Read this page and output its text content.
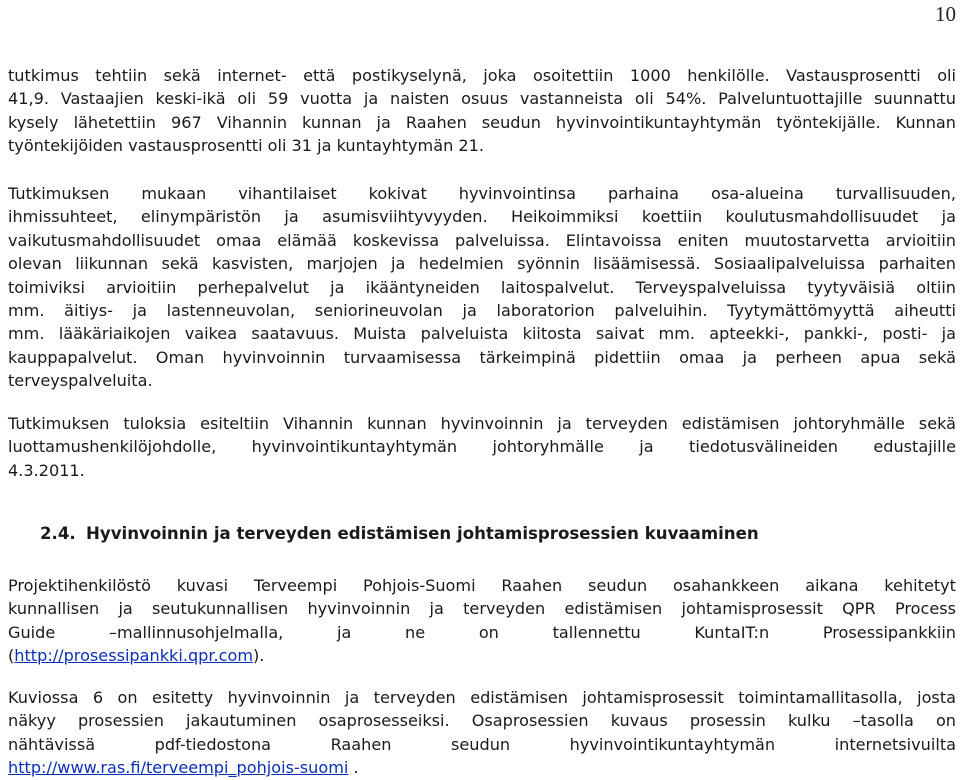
10
tutkimus tehtiin sekä internet- että postikyselynä, joka osoitettiin 1000 henkilölle. Vastausprosentti oli
41,9. Vastaajien keski-ikä oli 59 vuotta ja naisten osuus vastanneista oli 54%. Palveluntuottajille suunnattu
kysely lähetettiin 967 Vihannin kunnan ja Raahen seudun hyvinvointikuntayhtymän työntekijälle. Kunnan
työntekijöiden vastausprosentti oli 31 ja kuntayhtymän 21.
Tutkimuksen mukaan vihantilaiset kokivat hyvinvointinsa parhaina osa-alueina turvallisuuden,
ihmissuhteet, elinympäristön ja asumisviihtyvyyden. Heikoimmiksi koettiin koulutusmahdollisuudet ja
vaikutusmahdollisuudet omaa elämää koskevissa palveluissa. Elintavoissa eniten muutostarvetta arvioitiin
olevan liikunnan sekä kasvisten, marjojen ja hedelmien syönnin lisäämisessä. Sosiaalipalveluissa parhaiten
toimiviksi arvioitiin perhepalvelut ja ikääntyneiden laitospalvelut. Terveyspalveluissa tyytyväisiä oltiin
mm. äitiys- ja lastenneuvolan, seniorineuvolan ja laboratorion palveluihin. Tyytymättömyyttä aiheutti
mm. lääkäriaikojen vaikea saatavuus. Muista palveluista kiitosta saivat mm. apteekki-, pankki-, posti- ja
kauppapalvelut. Oman hyvinvoinnin turvaamisessa tärkeimpinä pidettiin omaa ja perheen apua sekä
terveyspalveluita.
Tutkimuksen tuloksia esiteltiin Vihannin kunnan hyvinvoinnin ja terveyden edistämisen johtoryhmälle sekä
luottamushenkilöjohdolle, hyvinvointikuntayhtymän johtoryhmälle ja tiedotusvälineiden edustajille
4.3.2011.
2.4. Hyvinvoinnin ja terveyden edistämisen johtamisprosessien kuvaaminen
Projektihenkilöstö kuvasi Terveempi Pohjois-Suomi Raahen seudun osahankkeen aikana kehitetyt
kunnallisen ja seutukunnallisen hyvinvoinnin ja terveyden edistämisen johtamisprosessit QPR Process
Guide –mallinnusohjelmalla, ja ne on tallennettu KuntaIT:n Prosessipankkiin
(http://prosessipankki.qpr.com).
Kuviossa 6 on esitetty hyvinvoinnin ja terveyden edistämisen johtamisprosessit toimintamallitasolla, josta
näkyy prosessien jakautuminen osaprosesseiksi. Osaprosessien kuvaus prosessin kulku –tasolla on
nähtävissä pdf-tiedostona Raahen seudun hyvinvointikuntayhtymän internetsivuilta
http://www.ras.fi/terveempi_pohjois-suomi .
